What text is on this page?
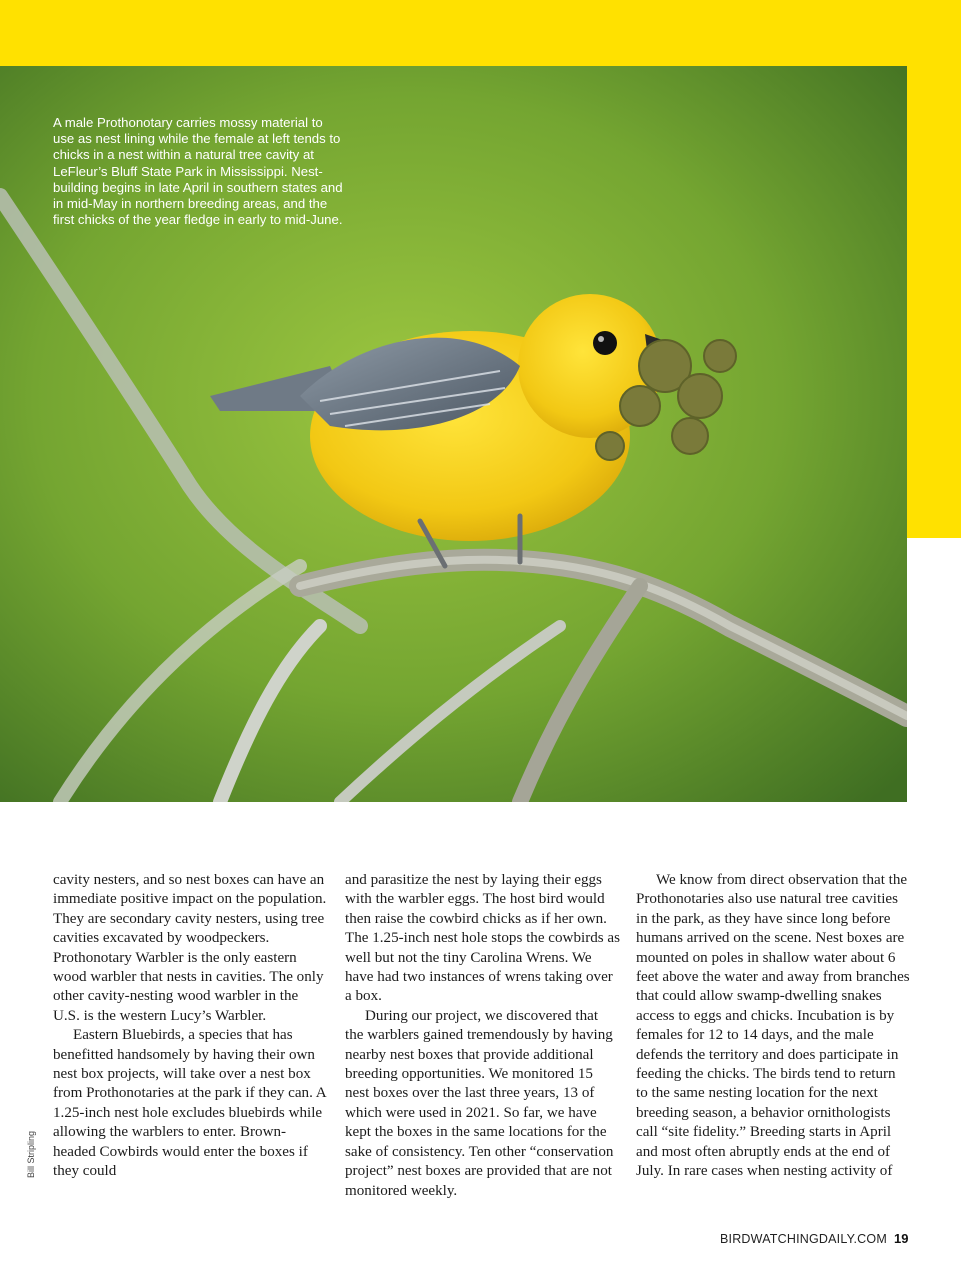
A male Prothonotary carries mossy material to use as nest lining while the female at left tends to chicks in a nest within a natural tree cavity at LeFleur’s Bluff State Park in Mississippi. Nest-building begins in late April in southern states and in mid-May in northern breeding areas, and the first chicks of the year fledge in early to mid-June.

cavity nesters, and so nest boxes can have an immediate positive impact on the population. They are secondary cavity nesters, using tree cavities excavated by woodpeckers. Prothonotary Warbler is the only eastern wood warbler that nests in cavities. The only other cavity-nesting wood warbler in the U.S. is the western Lucy’s Warbler.

Eastern Bluebirds, a species that has benefitted handsomely by having their own nest box projects, will take over a nest box from Prothonotaries at the park if they can. A 1.25-inch nest hole excludes bluebirds while allowing the warblers to enter. Brown-headed Cowbirds would enter the boxes if they could

and parasitize the nest by laying their eggs with the warbler eggs. The host bird would then raise the cowbird chicks as if her own. The 1.25-inch nest hole stops the cowbirds as well but not the tiny Carolina Wrens. We have had two instances of wrens taking over a box.

During our project, we discovered that the warblers gained tremendously by having nearby nest boxes that provide additional breeding opportunities. We monitored 15 nest boxes over the last three years, 13 of which were used in 2021. So far, we have kept the boxes in the same locations for the sake of consistency. Ten other “conservation project” nest boxes are provided that are not monitored weekly.

We know from direct observation that the Prothonotaries also use natural tree cavities in the park, as they have since long before humans arrived on the scene. Nest boxes are mounted on poles in shallow water about 6 feet above the water and away from branches that could allow swamp-dwelling snakes access to eggs and chicks. Incubation is by females for 12 to 14 days, and the male defends the territory and does participate in feeding the chicks. The birds tend to return to the same nesting location for the next breeding season, a behavior ornithologists call “site fidelity.” Breeding starts in April and most often abruptly ends at the end of July. In rare cases when nesting activity of

Bill Stripling
BIRDWATCHINGDAILY.COM 19
